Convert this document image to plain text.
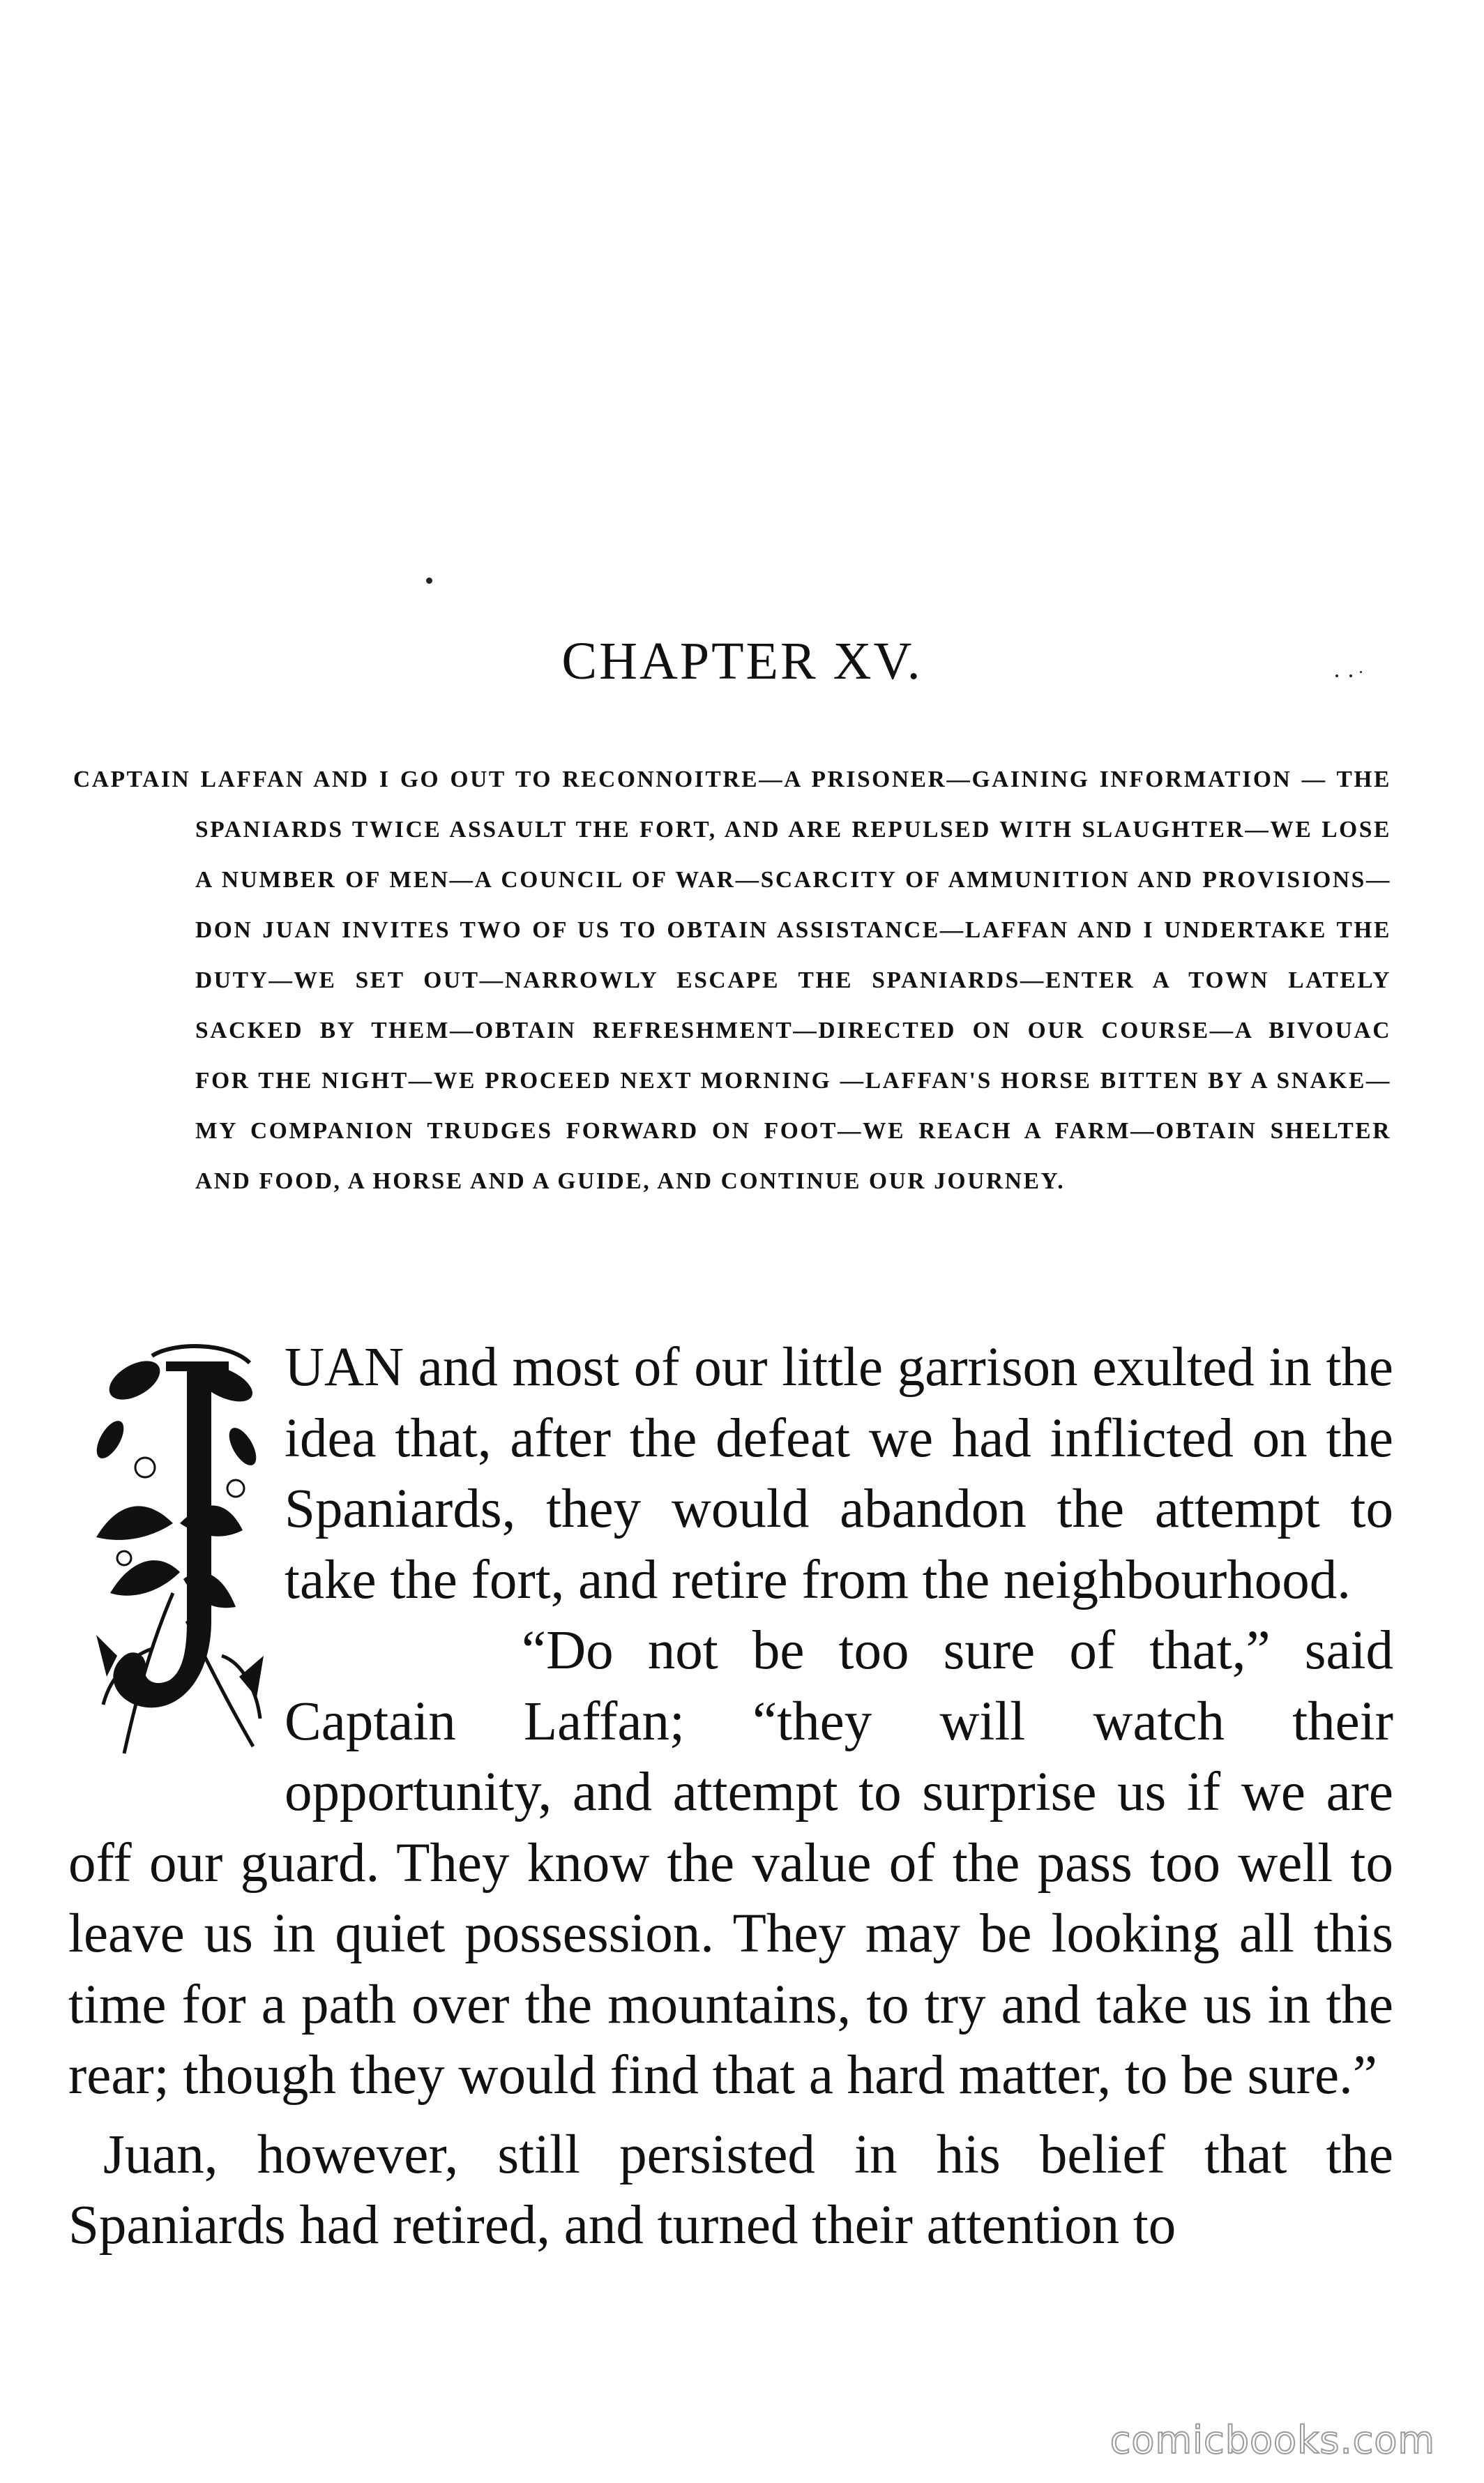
CHAPTER XV.

CAPTAIN LAFFAN AND I GO OUT TO RECONNOITRE—A PRISONER—GAINING INFORMATION — THE SPANIARDS TWICE ASSAULT THE FORT, AND ARE REPULSED WITH SLAUGHTER—WE LOSE A NUMBER OF MEN—A COUNCIL OF WAR—SCARCITY OF AMMUNITION AND PROVISIONS—DON JUAN INVITES TWO OF US TO OBTAIN ASSISTANCE—LAFFAN AND I UNDERTAKE THE DUTY—WE SET OUT—NARROWLY ESCAPE THE SPANIARDS—ENTER A TOWN LATELY SACKED BY THEM—OBTAIN REFRESHMENT—DIRECTED ON OUR COURSE—A BIVOUAC FOR THE NIGHT—WE PROCEED NEXT MORNING —LAFFAN'S HORSE BITTEN BY A SNAKE—MY COMPANION TRUDGES FORWARD ON FOOT—WE REACH A FARM—OBTAIN SHELTER AND FOOD, A HORSE AND A GUIDE, AND CONTINUE OUR JOURNEY.

UAN and most of our little garrison exulted in the idea that, after the defeat we had inflicted on the Spaniards, they would abandon the attempt to take the fort, and retire from the neighbourhood.

“Do not be too sure of that,” said Captain Laffan; “they will watch their opportunity, and attempt to surprise us if we are off our guard. They know the value of the pass too well to leave us in quiet possession. They may be looking all this time for a path over the mountains, to try and take us in the rear; though they would find that a hard matter, to be sure.”

Juan, however, still persisted in his belief that the Spaniards had retired, and turned their attention to

comicbooks.com
